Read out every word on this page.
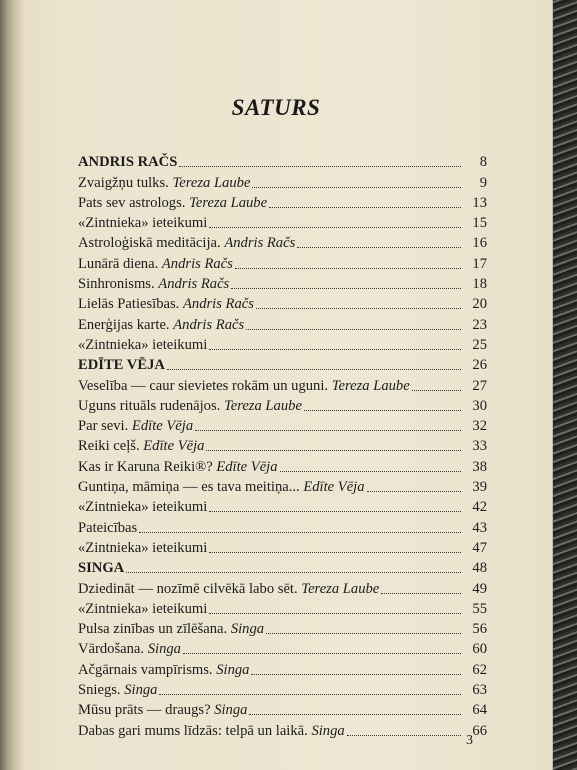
SATURS
ANDRIS RAČS	8
Zvaigžņu tulks. Tereza Laube	9
Pats sev astrologs. Tereza Laube	13
«Zintnieka» ieteikumi	15
Astroloģiskā meditācija. Andris Račs	16
Lunārā diena. Andris Račs	17
Sinhronisms. Andris Račs	18
Lielās Patiesības. Andris Račs	20
Enerģijas karte. Andris Račs	23
«Zintnieka» ieteikumi	25
EDĪTE VĒJA	26
Veselība — caur sievietes rokām un uguni. Tereza Laube	27
Uguns rituāls rudenājos. Tereza Laube	30
Par sevi. Edīte Vēja	32
Reiki ceļš. Edīte Vēja	33
Kas ir Karuna Reiki®? Edīte Vēja	38
Guntiņa, māmiņa — es tava meitiņa... Edīte Vēja	39
«Zintnieka» ieteikumi	42
Pateicības	43
«Zintnieka» ieteikumi	47
SINGA	48
Dziedināt — nozīmē cilvēkā labo sēt. Tereza Laube	49
«Zintnieka» ieteikumi	55
Pulsa zinības un zīlēšana. Singa	56
Vārdošana. Singa	60
Ačgārnais vampīrisms. Singa	62
Sniegs. Singa	63
Mūsu prāts — draugs? Singa	64
Dabas gari mums līdzās: telpā un laikā. Singa	66
3
